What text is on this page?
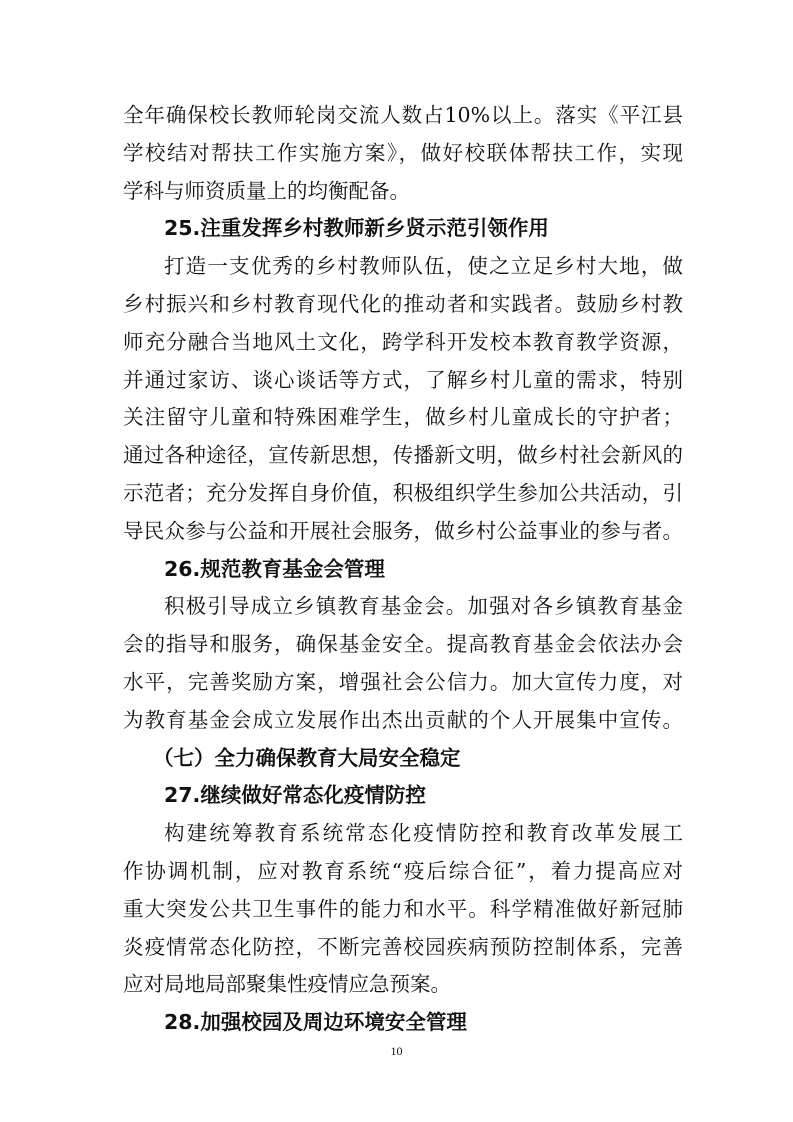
全年确保校长教师轮岗交流人数占10%以上。落实《平江县
学校结对帮扶工作实施方案》，做好校联体帮扶工作，实现
学科与师资质量上的均衡配备。
25.注重发挥乡村教师新乡贤示范引领作用
打造一支优秀的乡村教师队伍，使之立足乡村大地，做
乡村振兴和乡村教育现代化的推动者和实践者。鼓励乡村教
师充分融合当地风土文化，跨学科开发校本教育教学资源，
并通过家访、谈心谈话等方式，了解乡村儿童的需求，特别
关注留守儿童和特殊困难学生，做乡村儿童成长的守护者；
通过各种途径，宣传新思想，传播新文明，做乡村社会新风的
示范者；充分发挥自身价值，积极组织学生参加公共活动，引
导民众参与公益和开展社会服务，做乡村公益事业的参与者。
26.规范教育基金会管理
积极引导成立乡镇教育基金会。加强对各乡镇教育基金
会的指导和服务，确保基金安全。提高教育基金会依法办会
水平，完善奖励方案，增强社会公信力。加大宣传力度，对
为教育基金会成立发展作出杰出贡献的个人开展集中宣传。
（七）全力确保教育大局安全稳定
27.继续做好常态化疫情防控
构建统筹教育系统常态化疫情防控和教育改革发展工
作协调机制，应对教育系统“疫后综合征”，着力提高应对
重大突发公共卫生事件的能力和水平。科学精准做好新冠肺
炎疫情常态化防控，不断完善校园疾病预防控制体系，完善
应对局地局部聚集性疫情应急预案。
10
28.加强校园及周边环境安全管理
